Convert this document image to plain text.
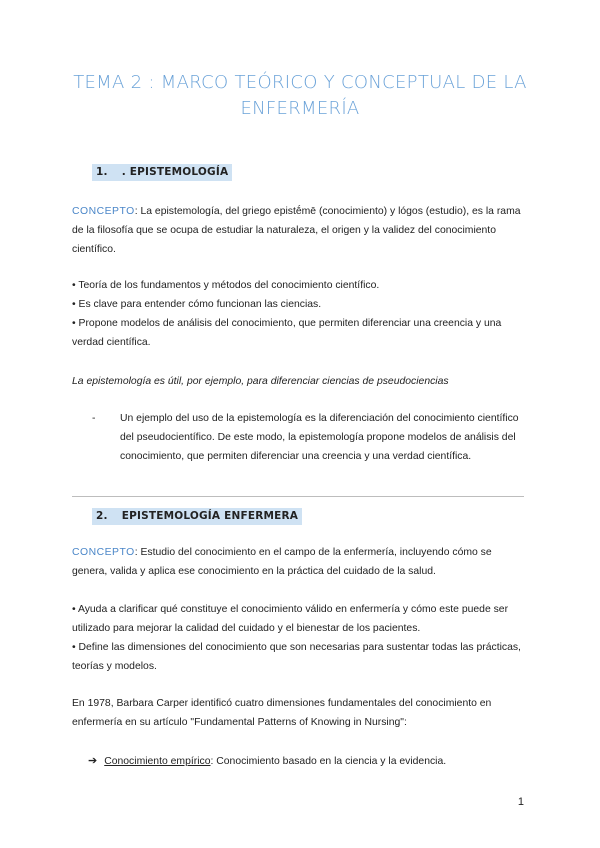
TEMA 2 : MARCO TEÓRICO Y CONCEPTUAL DE LA ENFERMERÍA
1. . EPISTEMOLOGÍA
CONCEPTO: La epistemología, del griego epistḗmē (conocimiento) y lógos (estudio), es la rama de la filosofía que se ocupa de estudiar la naturaleza, el origen y la validez del conocimiento científico.
• Teoría de los fundamentos y métodos del conocimiento científico.
• Es clave para entender cómo funcionan las ciencias.
• Propone modelos de análisis del conocimiento, que permiten diferenciar una creencia y una verdad científica.
La epistemología es útil, por ejemplo, para diferenciar ciencias de pseudociencias
- Un ejemplo del uso de la epistemología es la diferenciación del conocimiento científico del pseudocientífico. De este modo, la epistemología propone modelos de análisis del conocimiento, que permiten diferenciar una creencia y una verdad científica.
2. EPISTEMOLOGÍA ENFERMERA
CONCEPTO: Estudio del conocimiento en el campo de la enfermería, incluyendo cómo se genera, valida y aplica ese conocimiento en la práctica del cuidado de la salud.
• Ayuda a clarificar qué constituye el conocimiento válido en enfermería y cómo este puede ser utilizado para mejorar la calidad del cuidado y el bienestar de los pacientes.
• Define las dimensiones del conocimiento que son necesarias para sustentar todas las prácticas, teorías y modelos.
En 1978, Barbara Carper identificó cuatro dimensiones fundamentales del conocimiento en enfermería en su artículo "Fundamental Patterns of Knowing in Nursing":
➔ Conocimiento empírico: Conocimiento basado en la ciencia y la evidencia.
1
